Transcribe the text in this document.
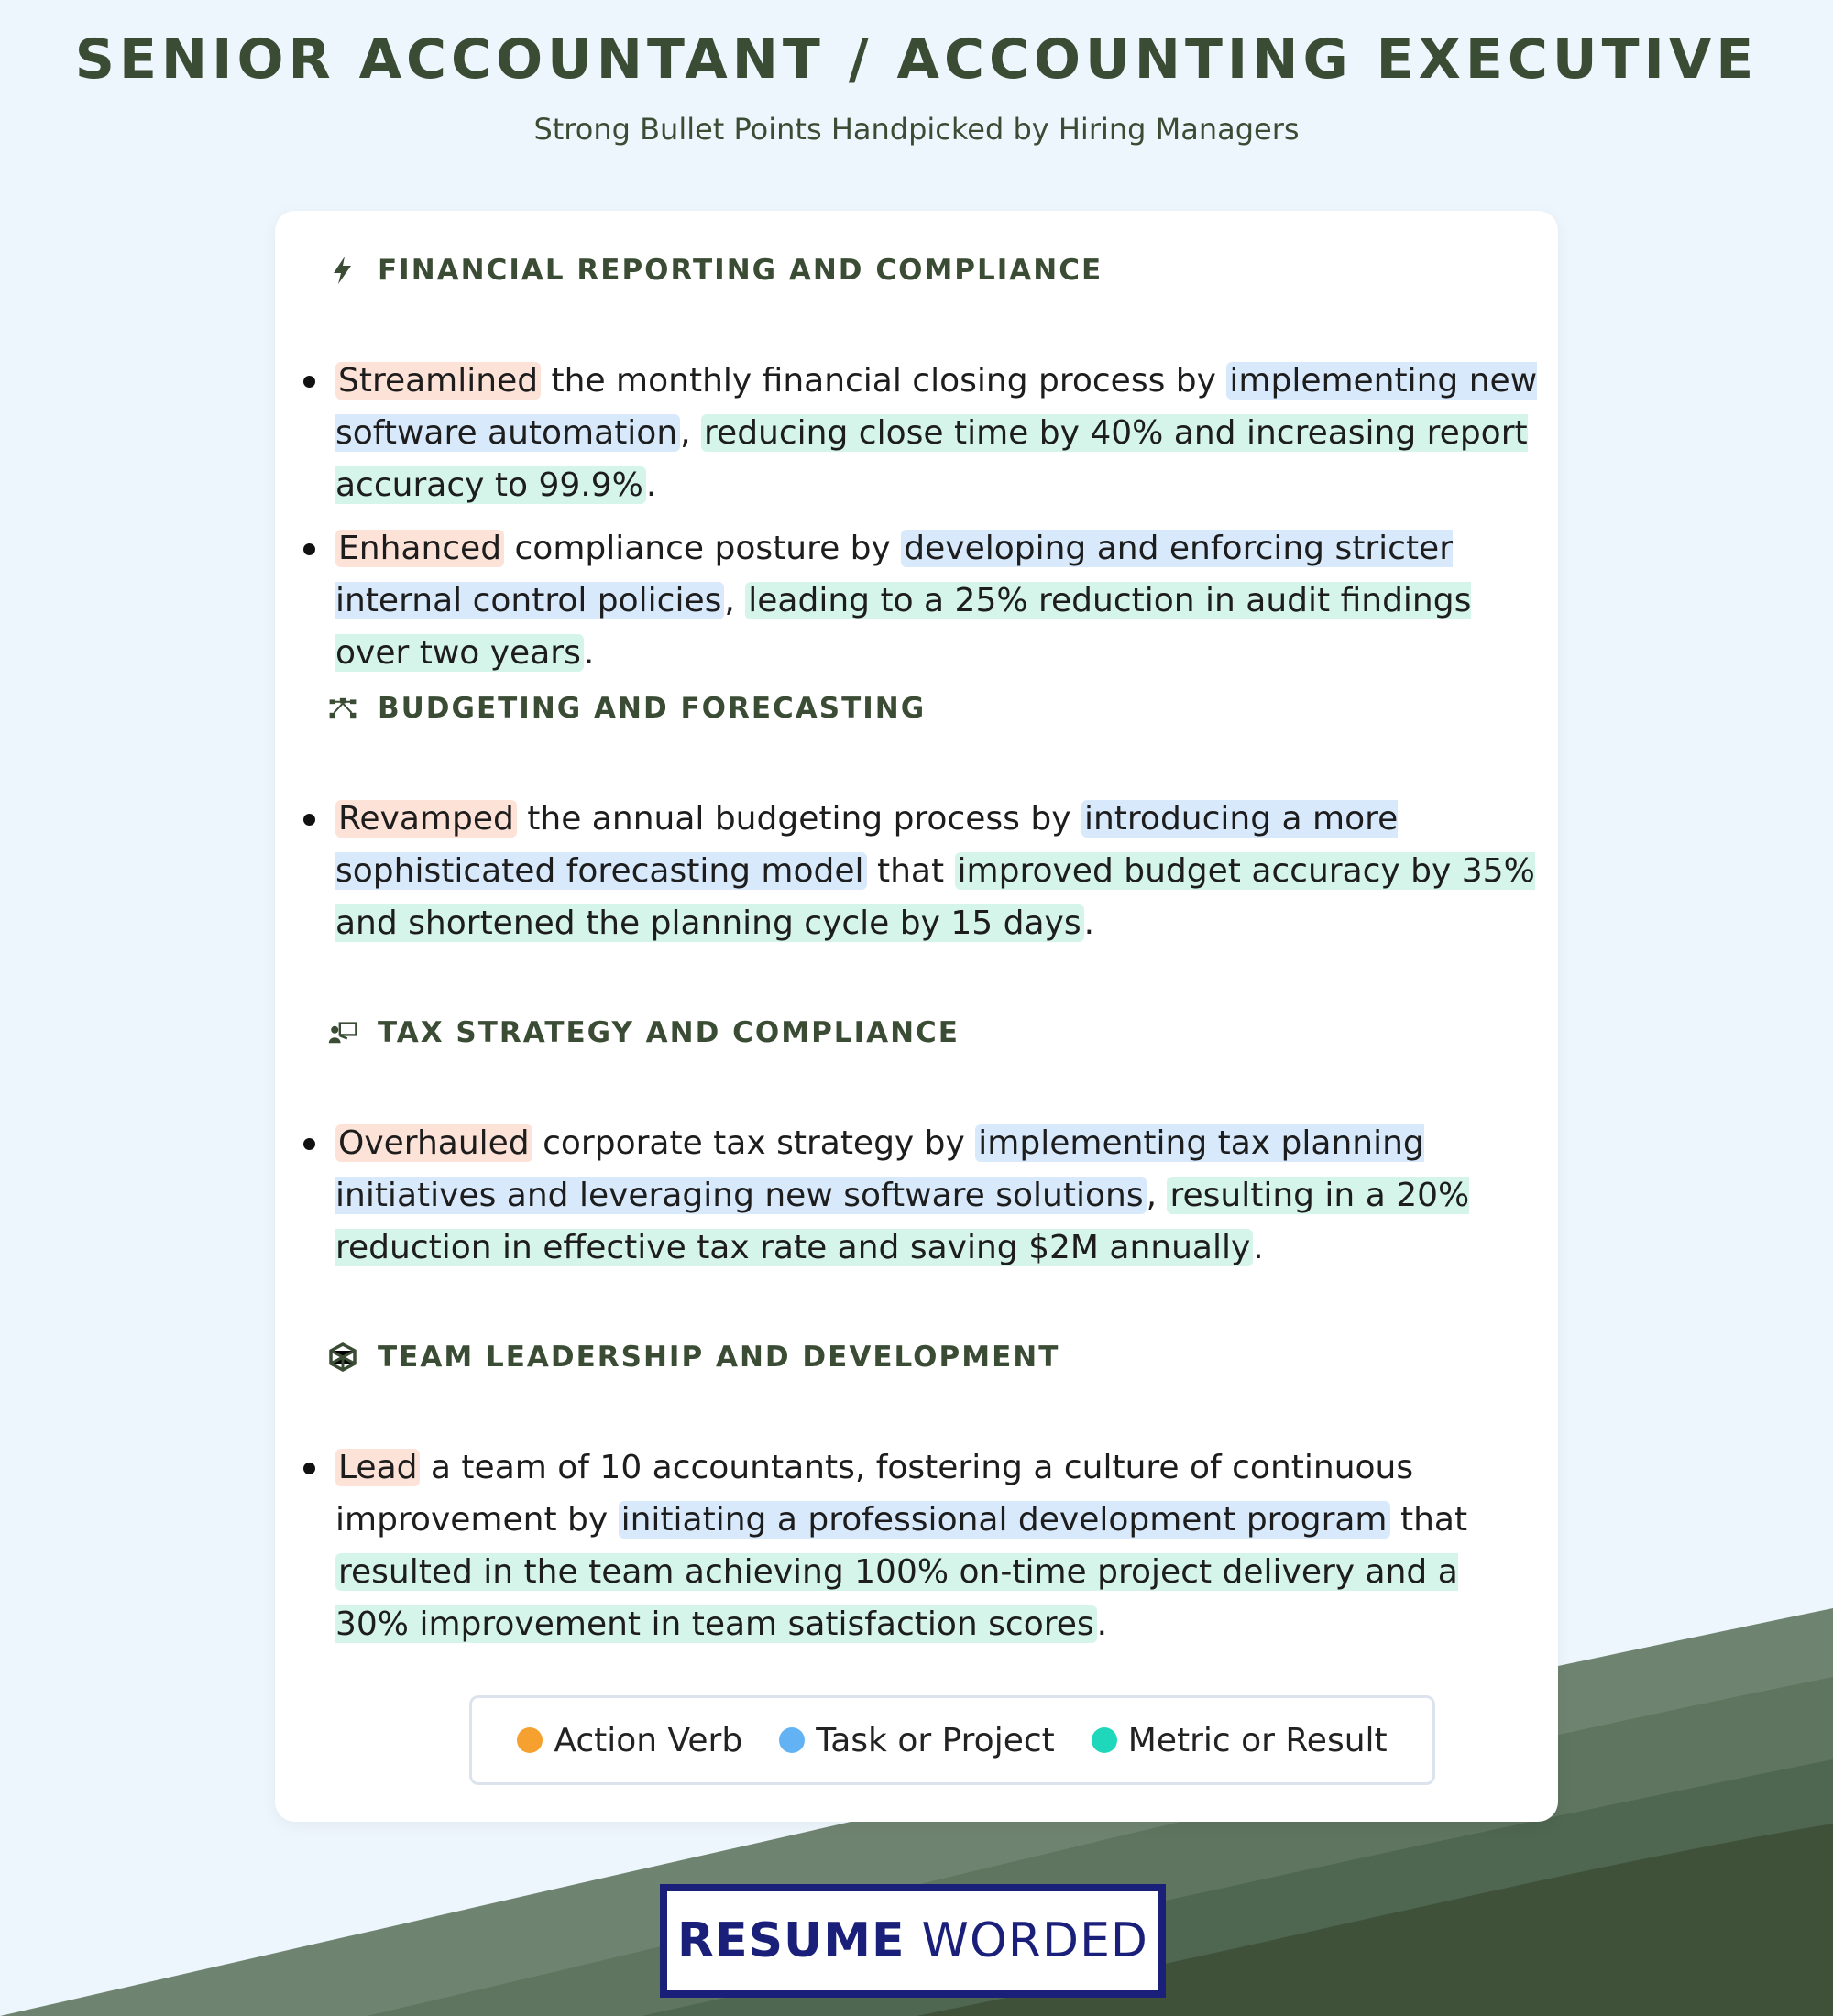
SENIOR ACCOUNTANT / ACCOUNTING EXECUTIVE
Strong Bullet Points Handpicked by Hiring Managers
FINANCIAL REPORTING AND COMPLIANCE
Streamlined the monthly financial closing process by implementing new software automation, reducing close time by 40% and increasing report accuracy to 99.9%.
Enhanced compliance posture by developing and enforcing stricter internal control policies, leading to a 25% reduction in audit findings over two years.
BUDGETING AND FORECASTING
Revamped the annual budgeting process by introducing a more sophisticated forecasting model that improved budget accuracy by 35% and shortened the planning cycle by 15 days.
TAX STRATEGY AND COMPLIANCE
Overhauled corporate tax strategy by implementing tax planning initiatives and leveraging new software solutions, resulting in a 20% reduction in effective tax rate and saving $2M annually.
TEAM LEADERSHIP AND DEVELOPMENT
Lead a team of 10 accountants, fostering a culture of continuous improvement by initiating a professional development program that resulted in the team achieving 100% on-time project delivery and a 30% improvement in team satisfaction scores.
Action Verb Task or Project Metric or Result
RESUME WORDED
